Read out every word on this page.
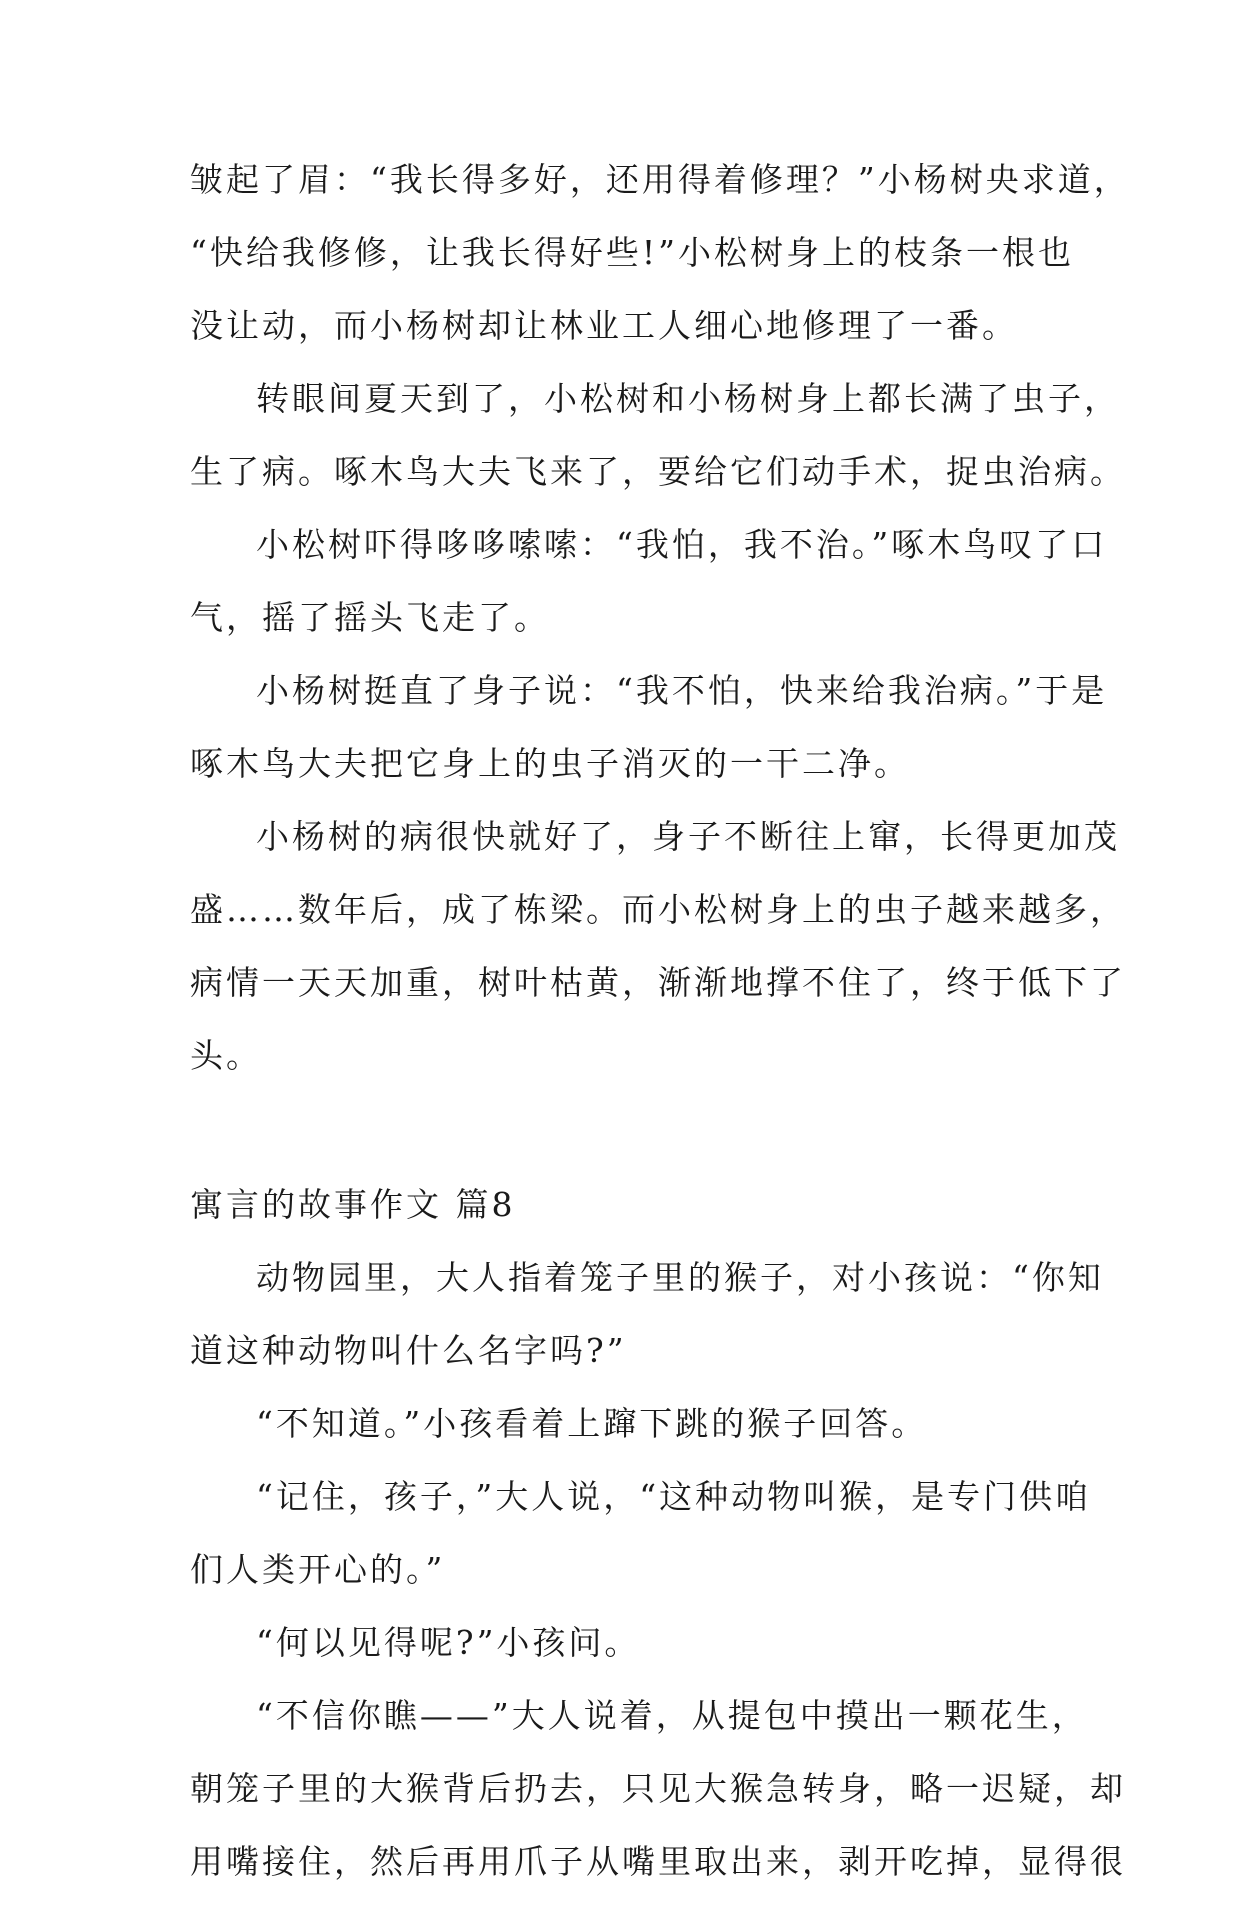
皱起了眉：“我长得多好，还用得着修理？”小杨树央求道，
“快给我修修，让我长得好些!”小松树身上的枝条一根也
没让动，而小杨树却让林业工人细心地修理了一番。
转眼间夏天到了，小松树和小杨树身上都长满了虫子，
生了病。啄木鸟大夫飞来了，要给它们动手术，捉虫治病。
小松树吓得哆哆嗦嗦：“我怕，我不治。”啄木鸟叹了口
气，摇了摇头飞走了。
小杨树挺直了身子说：“我不怕，快来给我治病。”于是
啄木鸟大夫把它身上的虫子消灭的一干二净。
小杨树的病很快就好了，身子不断往上窜，长得更加茂
盛……数年后，成了栋梁。而小松树身上的虫子越来越多，
病情一天天加重，树叶枯黄，渐渐地撑不住了，终于低下了
头。
寓言的故事作文 篇8
动物园里，大人指着笼子里的猴子，对小孩说：“你知
道这种动物叫什么名字吗?”
“不知道。”小孩看着上蹿下跳的猴子回答。
“记住，孩子，”大人说，“这种动物叫猴，是专门供咱
们人类开心的。”
“何以见得呢?”小孩问。
“不信你瞧——”大人说着，从提包中摸出一颗花生，
朝笼子里的大猴背后扔去，只见大猴急转身，略一迟疑，却
用嘴接住，然后再用爪子从嘴里取出来，剥开吃掉，显得很
